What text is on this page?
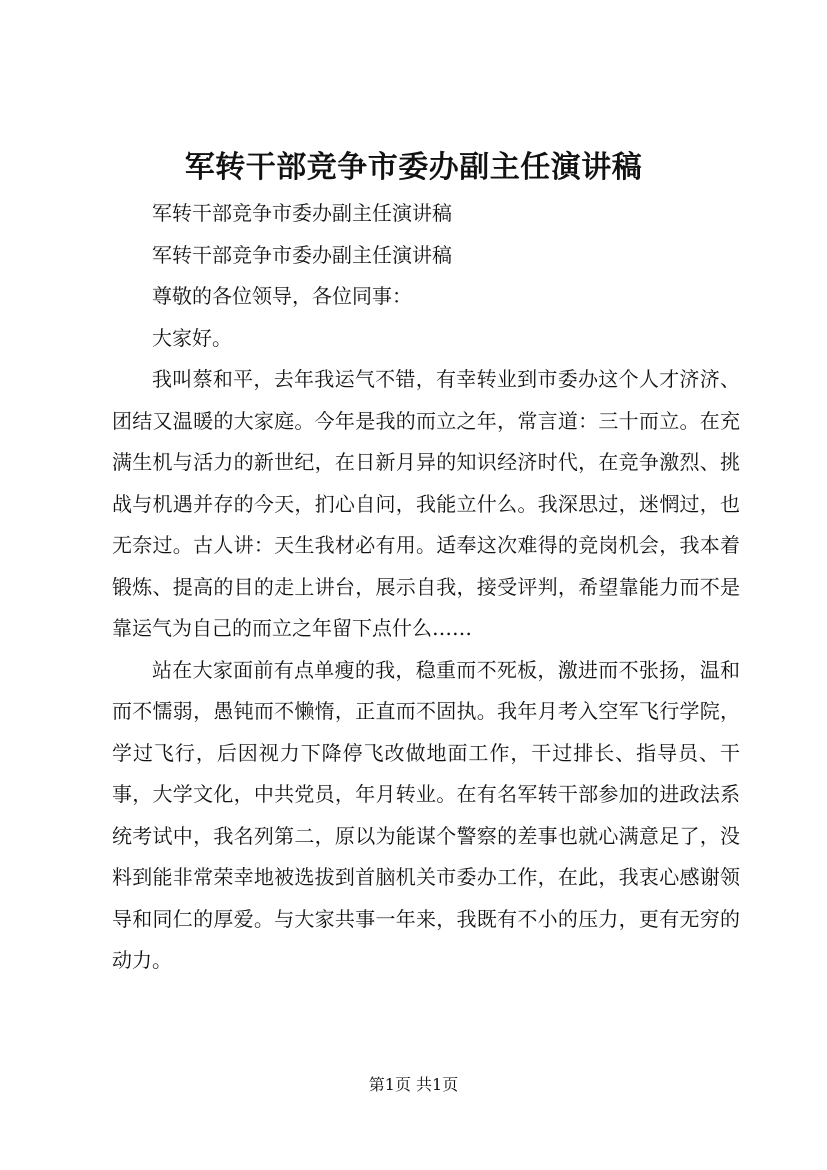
军转干部竞争市委办副主任演讲稿

军转干部竞争市委办副主任演讲稿

军转干部竞争市委办副主任演讲稿

尊敬的各位领导，各位同事：

大家好。

我叫蔡和平，去年我运气不错，有幸转业到市委办这个人才济济、团结又温暖的大家庭。今年是我的而立之年，常言道：三十而立。在充满生机与活力的新世纪，在日新月异的知识经济时代，在竞争激烈、挑战与机遇并存的今天，扪心自问，我能立什么。我深思过，迷惘过，也无奈过。古人讲：天生我材必有用。适奉这次难得的竞岗机会，我本着锻炼、提高的目的走上讲台，展示自我，接受评判，希望靠能力而不是靠运气为自己的而立之年留下点什么……

站在大家面前有点单瘦的我，稳重而不死板，激进而不张扬，温和而不懦弱，愚钝而不懒惰，正直而不固执。我年月考入空军飞行学院，学过飞行，后因视力下降停飞改做地面工作，干过排长、指导员、干事，大学文化，中共党员，年月转业。在有名军转干部参加的进政法系统考试中，我名列第二，原以为能谋个警察的差事也就心满意足了，没料到能非常荣幸地被选拔到首脑机关市委办工作，在此，我衷心感谢领导和同仁的厚爱。与大家共事一年来，我既有不小的压力，更有无穷的动力。

第1页 共1页
